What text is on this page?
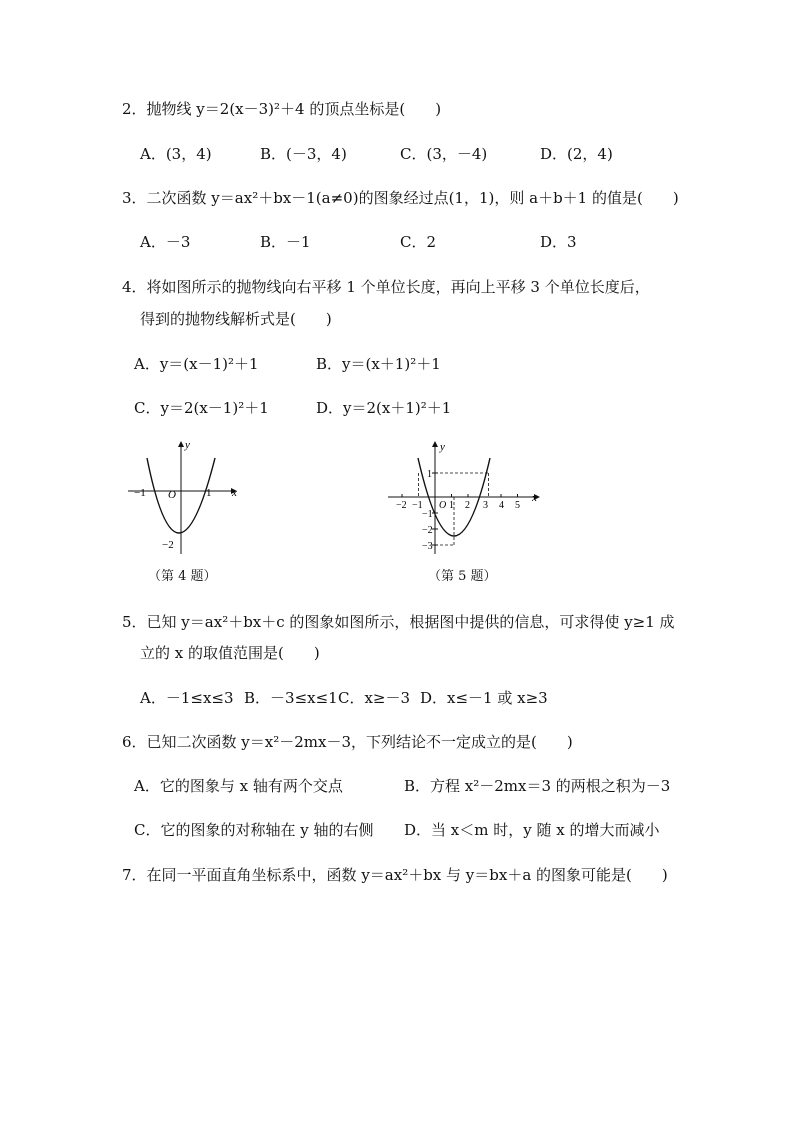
2．抛物线 y＝2(x－3)²＋4 的顶点坐标是(　　)
A．(3，4)	B．(－3，4)	C．(3，－4)	D．(2，4)
3．二次函数 y＝ax²＋bx－1(a≠0)的图象经过点(1，1)，则 a＋b＋1 的值是(　　)
A．－3	B．－1	C．2	D．3
4．将如图所示的抛物线向右平移 1 个单位长度，再向上平移 3 个单位长度后，
得到的抛物线解析式是(　　)
A．y＝(x－1)²＋1	B．y＝(x＋1)²＋1
C．y＝2(x－1)²＋1	D．y＝2(x＋1)²＋1
y
x
O
−1	1
−2
（第 4 题）
y
x
O
−2 −1	1 2 3 4 5
1
−1
−2
−3
（第 5 题）
5．已知 y＝ax²＋bx＋c 的图象如图所示，根据图中提供的信息，可求得使 y≥1 成
立的 x 的取值范围是(　　)
A．－1≤x≤3 B．－3≤x≤1 C．x≥－3 D．x≤－1 或 x≥3
6．已知二次函数 y＝x²－2mx－3，下列结论不一定成立的是(　　)
A．它的图象与 x 轴有两个交点	B．方程 x²－2mx＝3 的两根之积为－3
C．它的图象的对称轴在 y 轴的右侧 D．当 x＜m 时，y 随 x 的增大而减小
7．在同一平面直角坐标系中，函数 y＝ax²＋bx 与 y＝bx＋a 的图象可能是(　　)
